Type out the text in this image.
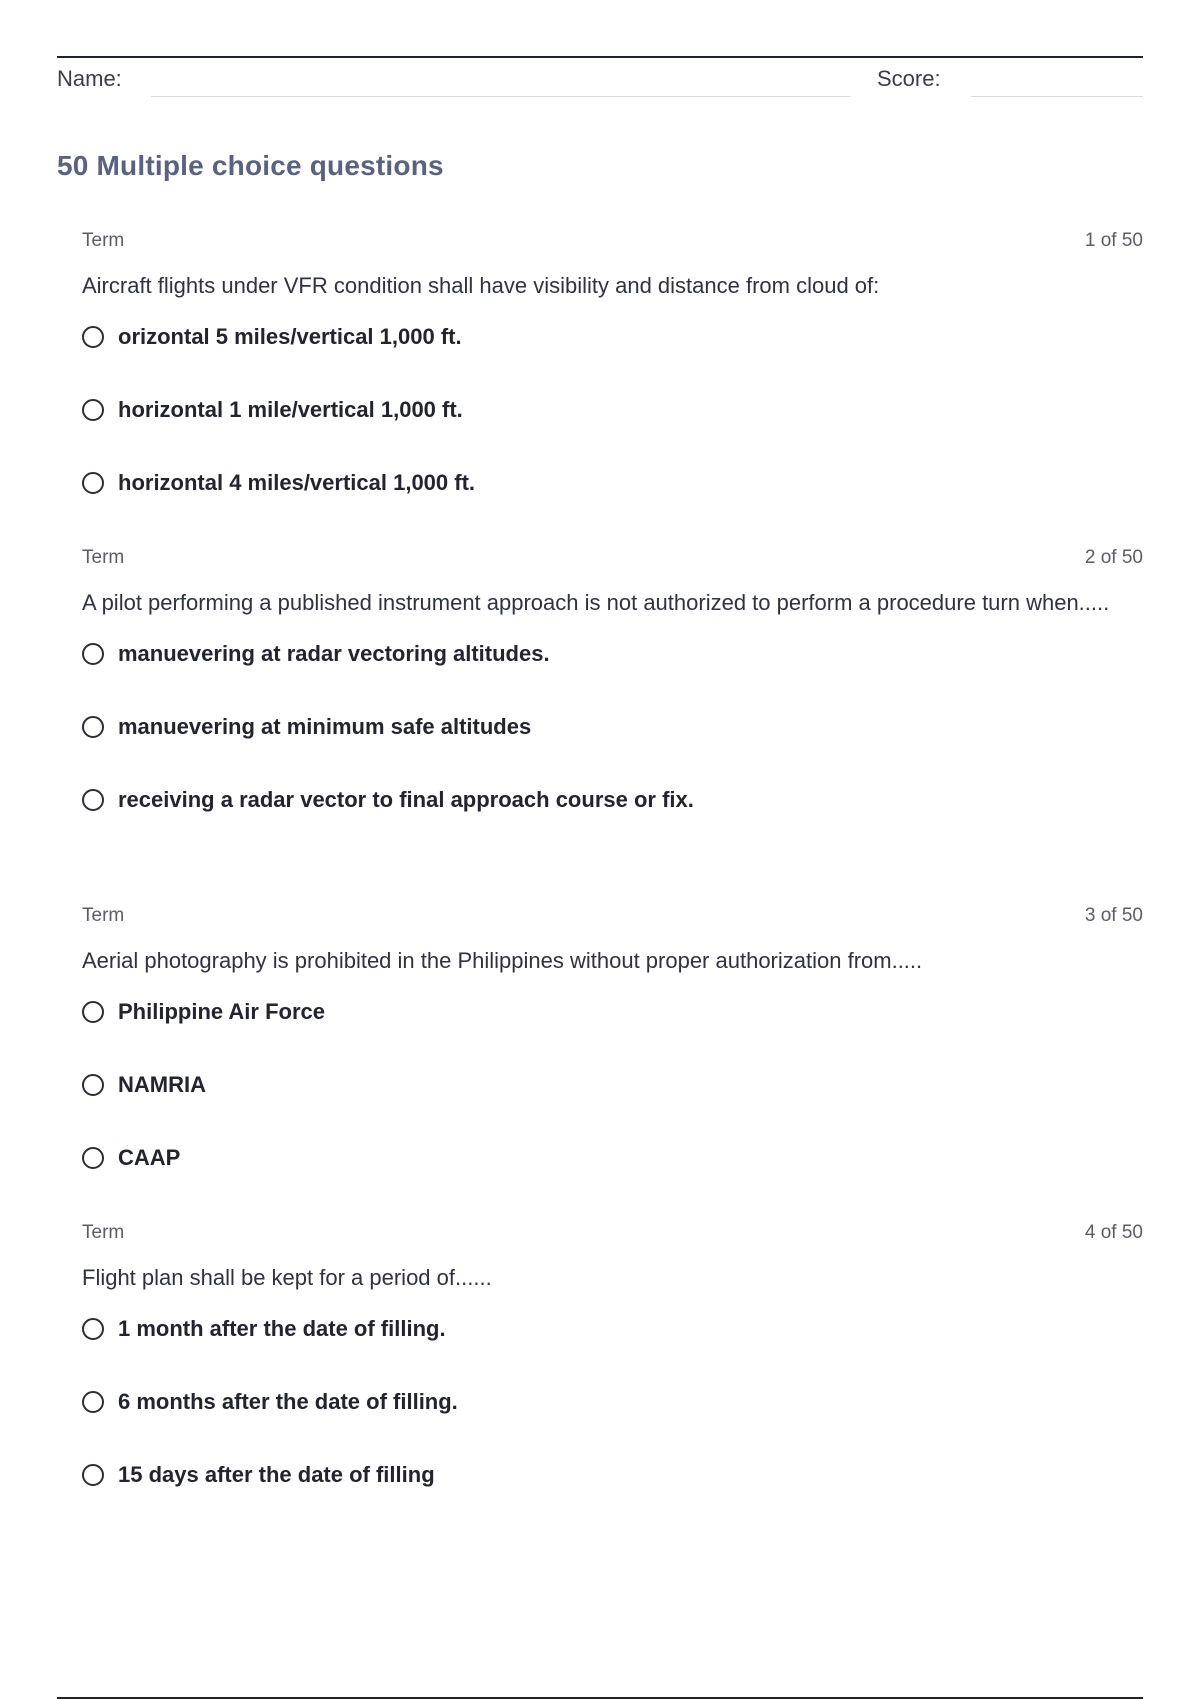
Name:	Score:
50 Multiple choice questions
Term	1 of 50
Aircraft flights under VFR condition shall have visibility and distance from cloud of:
orizontal 5 miles/vertical 1,000 ft.
horizontal 1 mile/vertical 1,000 ft.
horizontal 4 miles/vertical 1,000 ft.
Term	2 of 50
A pilot performing a published instrument approach is not authorized to perform a procedure turn when.....
manuevering at radar vectoring altitudes.
manuevering at minimum safe altitudes
receiving a radar vector to final approach course or fix.
Term	3 of 50
Aerial photography is prohibited in the Philippines without proper authorization from.....
Philippine Air Force
NAMRIA
CAAP
Term	4 of 50
Flight plan shall be kept for a period of......
1 month after the date of filling.
6 months after the date of filling.
15 days after the date of filling
